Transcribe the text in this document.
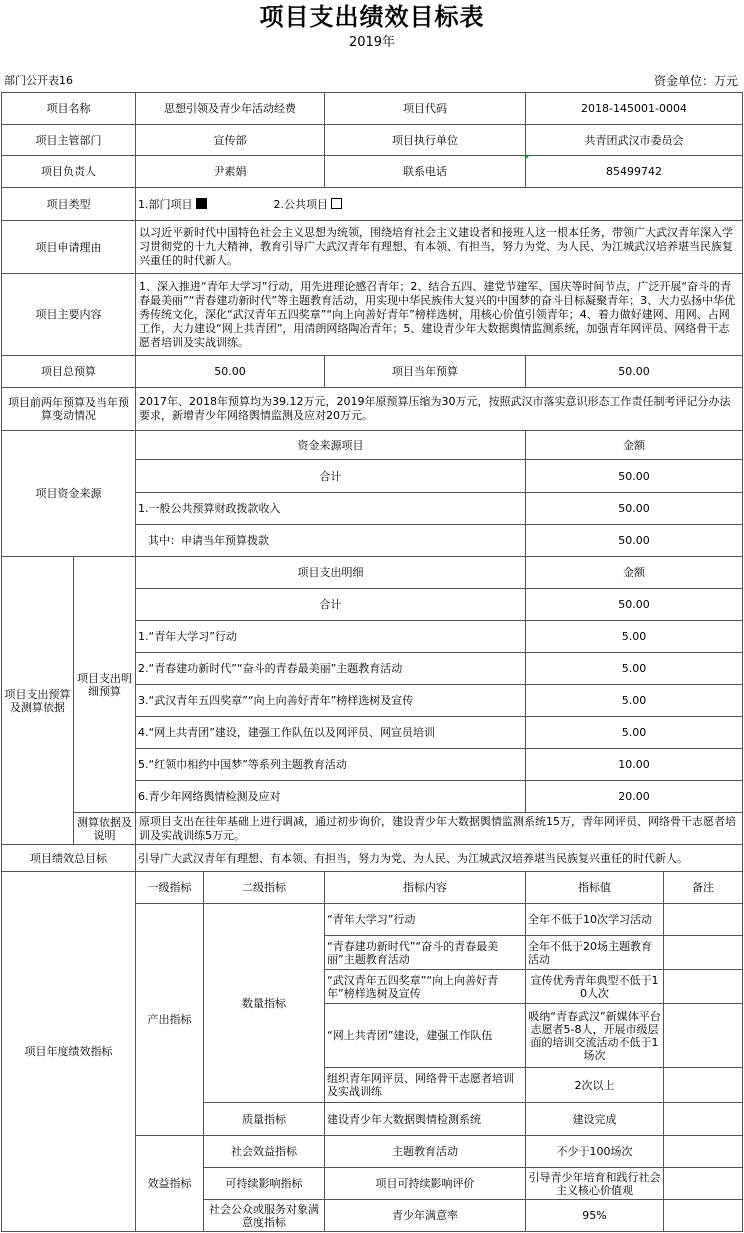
项目支出绩效目标表
2019年
部门公开表16	资金单位：万元
项目名称		思想引领及青少年活动经费		项目代码	2018-145001-0004	
项目主管部门		宣传部		项目执行单位	共青团武汉市委员会	
项目负责人		尹素娟		联系电话	85499742	
项目类型		1.部门项目 2.公共项目				
项目申请理由		以习近平新时代中国特色社会主义思想为统领，围绕培育社会主义建设者和接班人这一根本任务，带领广大武汉青年深入学习贯彻党的十九大精神，教育引导广大武汉青年有理想、有本领、有担当，努力为党、为人民、为江城武汉培养堪当民族复兴重任的时代新人。				
项目主要内容		1、深入推进“青年大学习”行动，用先进理论感召青年；2、结合五四、建党节建军、国庆等时间节点，广泛开展“奋斗的青春最美丽”“青春建功新时代”等主题教育活动，用实现中华民族伟大复兴的中国梦的奋斗目标凝聚青年；3、大力弘扬中华优秀传统文化，深化“武汉青年五四奖章”“向上向善好青年”榜样选树，用核心价值引领青年；4、着力做好建网、用网、占网工作，大力建设“网上共青团”，用清朗网络陶冶青年；5、建设青少年大数据舆情监测系统，加强青年网评员、网络骨干志愿者培训及实战训练。				
项目总预算		50.00		项目当年预算	50.00	
项目前两年预算及当年预算变动情况		2017年、2018年预算均为39.12万元，2019年原预算压缩为30万元，按照武汉市落实意识形态工作责任制考评记分办法要求，新增青少年网络舆情监测及应对20万元。				
项目资金来源		资金来源项目			金额	
		合计			50.00	
		1.一般公共预算财政拨款收入			50.00	
		其中：申请当年预算拨款			50.00	
项目支出预算及测算依据	项目支出明细预算	项目支出明细			金额	
		合计			50.00	
		1.“青年大学习”行动			5.00	
		2.“青春建功新时代”“奋斗的青春最美丽”主题教育活动			5.00	
		3.“武汉青年五四奖章”“向上向善好青年”榜样选树及宣传			5.00	
		4.“网上共青团”建设，建强工作队伍以及网评员、网宣员培训			5.00	
		5.“红领巾相约中国梦”等系列主题教育活动			10.00	
		6.青少年网络舆情检测及应对			20.00	
	测算依据及说明	原项目支出在往年基础上进行调减，通过初步询价，建设青少年大数据舆情监测系统15万，青年网评员、网络骨干志愿者培训及实战训练5万元。				
项目绩效总目标		引导广大武汉青年有理想、有本领、有担当，努力为党、为人民、为江城武汉培养堪当民族复兴重任的时代新人。				
项目年度绩效指标		一级指标	二级指标	指标内容	指标值	备注
		产出指标	数量指标	“青年大学习”行动	全年不低于10次学习活动	
				“青春建功新时代”“奋斗的青春最美丽”主题教育活动	全年不低于20场主题教育活动	
				“武汉青年五四奖章”“向上向善好青年”榜样选树及宣传	宣传优秀青年典型不低于10人次	
				“网上共青团”建设，建强工作队伍	吸纳“青春武汉”新媒体平台志愿者5-8人，开展市级层面的培训交流活动不低于1场次	
				组织青年网评员、网络骨干志愿者培训及实战训练	2次以上	
			质量指标	建设青少年大数据舆情检测系统	建设完成	
		效益指标	社会效益指标	主题教育活动	不少于100场次	
			可持续影响指标	项目可持续影响评价	引导青少年培育和践行社会主义核心价值观	
			社会公众或服务对象满意度指标	青少年满意率	95%	
